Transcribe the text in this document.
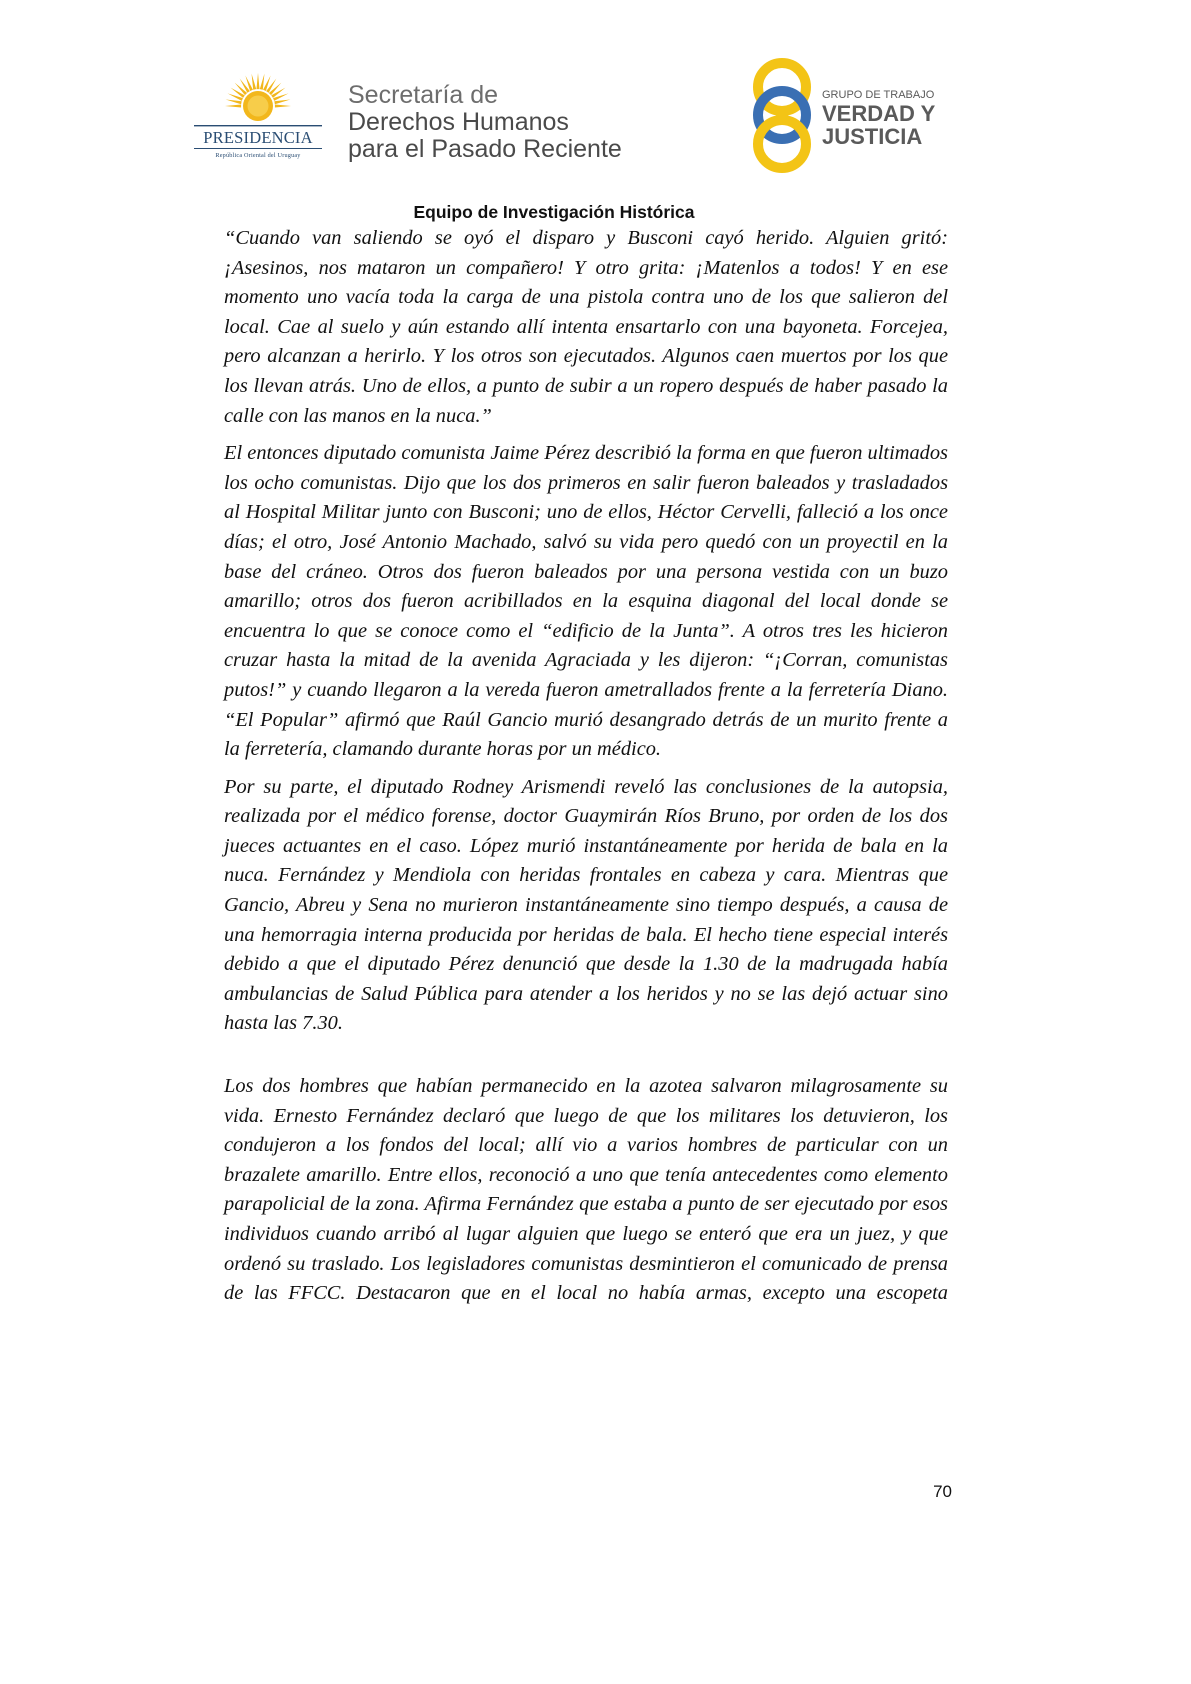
PRESIDENCIA
República Oriental del Uruguay
Secretaría de
Derechos Humanos
para el Pasado Reciente
GRUPO DE TRABAJO
VERDAD Y
JUSTICIA
Equipo de Investigación Histórica

“Cuando van saliendo se oyó el disparo y Busconi cayó herido. Alguien gritó: ¡Asesinos, nos mataron un compañero! Y otro grita: ¡Matenlos a todos! Y en ese momento uno vacía toda la carga de una pistola contra uno de los que salieron del local. Cae al suelo y aún estando allí intenta ensartarlo con una bayoneta. Forcejea, pero alcanzan a herirlo. Y los otros son ejecutados. Algunos caen muertos por los que los llevan atrás. Uno de ellos, a punto de subir a un ropero después de haber pasado la calle con las manos en la nuca.”

El entonces diputado comunista Jaime Pérez describió la forma en que fueron ultimados los ocho comunistas. Dijo que los dos primeros en salir fueron baleados y trasladados al Hospital Militar junto con Busconi; uno de ellos, Héctor Cervelli, falleció a los once días; el otro, José Antonio Machado, salvó su vida pero quedó con un proyectil en la base del cráneo. Otros dos fueron baleados por una persona vestida con un buzo amarillo; otros dos fueron acribillados en la esquina diagonal del local donde se encuentra lo que se conoce como el “edificio de la Junta”. A otros tres les hicieron cruzar hasta la mitad de la avenida Agraciada y les dijeron: “¡Corran, comunistas putos!” y cuando llegaron a la vereda fueron ametrallados frente a la ferretería Diano. “El Popular” afirmó que Raúl Gancio murió desangrado detrás de un murito frente a la ferretería, clamando durante horas por un médico.

Por su parte, el diputado Rodney Arismendi reveló las conclusiones de la autopsia, realizada por el médico forense, doctor Guaymirán Ríos Bruno, por orden de los dos jueces actuantes en el caso. López murió instantáneamente por herida de bala en la nuca. Fernández y Mendiola con heridas frontales en cabeza y cara. Mientras que Gancio, Abreu y Sena no murieron instantáneamente sino tiempo después, a causa de una hemorragia interna producida por heridas de bala. El hecho tiene especial interés debido a que el diputado Pérez denunció que desde la 1.30 de la madrugada había ambulancias de Salud Pública para atender a los heridos y no se las dejó actuar sino hasta las 7.30.

Los dos hombres que habían permanecido en la azotea salvaron milagrosamente su vida. Ernesto Fernández declaró que luego de que los militares los detuvieron, los condujeron a los fondos del local; allí vio a varios hombres de particular con un brazalete amarillo. Entre ellos, reconoció a uno que tenía antecedentes como elemento parapolicial de la zona. Afirma Fernández que estaba a punto de ser ejecutado por esos individuos cuando arribó al lugar alguien que luego se enteró que era un juez, y que ordenó su traslado. Los legisladores comunistas desmintieron el comunicado de prensa de las FFCC. Destacaron que en el local no había armas, excepto una escopeta

70
